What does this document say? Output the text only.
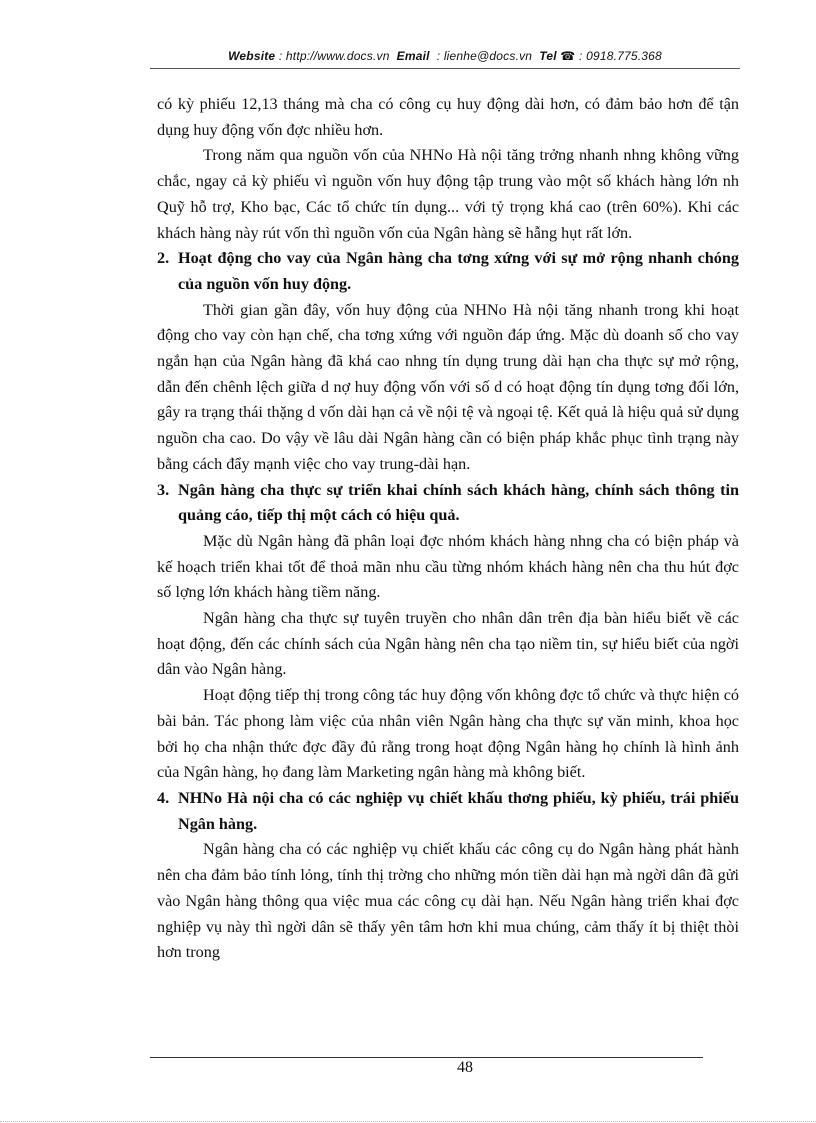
Website : http://www.docs.vn Email : lienhe@docs.vn Tel ☎ : 0918.775.368

có kỳ phiếu 12,13 tháng mà cha có công cụ huy động dài hơn, có đảm bảo hơn để tận dụng huy động vốn đợc nhiều hơn.

Trong năm qua nguồn vốn của NHNo Hà nội tăng trởng nhanh nhng không vững chắc, ngay cả kỳ phiếu vì nguồn vốn huy động tập trung vào một số khách hàng lớn nh Quỹ hỗ trợ, Kho bạc, Các tổ chức tín dụng... với tỷ trọng khá cao (trên 60%). Khi các khách hàng này rút vốn thì nguồn vốn của Ngân hàng sẽ hẫng hụt rất lớn.

2. Hoạt động cho vay của Ngân hàng cha tơng xứng với sự mở rộng nhanh chóng của nguồn vốn huy động.

Thời gian gần đây, vốn huy động của NHNo Hà nội tăng nhanh trong khi hoạt động cho vay còn hạn chế, cha tơng xứng với nguồn đáp ứng. Mặc dù doanh số cho vay ngắn hạn của Ngân hàng đã khá cao nhng tín dụng trung dài hạn cha thực sự mở rộng, dẫn đến chênh lệch giữa d nợ huy động vốn với số d có hoạt động tín dụng tơng đối lớn, gây ra trạng thái thặng d vốn dài hạn cả về nội tệ và ngoại tệ. Kết quả là hiệu quả sử dụng nguồn cha cao. Do vậy về lâu dài Ngân hàng cần có biện pháp khắc phục tình trạng này bằng cách đẩy mạnh việc cho vay trung-dài hạn.

3. Ngân hàng cha thực sự triển khai chính sách khách hàng, chính sách thông tin quảng cáo, tiếp thị một cách có hiệu quả.

Mặc dù Ngân hàng đã phân loại đợc nhóm khách hàng nhng cha có biện pháp và kế hoạch triển khai tốt để thoả mãn nhu cầu từng nhóm khách hàng nên cha thu hút đợc số lợng lớn khách hàng tiềm năng.

Ngân hàng cha thực sự tuyên truyền cho nhân dân trên địa bàn hiểu biết về các hoạt động, đến các chính sách của Ngân hàng nên cha tạo niềm tin, sự hiểu biết của ngời dân vào Ngân hàng.

Hoạt động tiếp thị trong công tác huy động vốn không đợc tổ chức và thực hiện có bài bản. Tác phong làm việc của nhân viên Ngân hàng cha thực sự văn minh, khoa học bởi họ cha nhận thức đợc đầy đủ rằng trong hoạt động Ngân hàng họ chính là hình ảnh của Ngân hàng, họ đang làm Marketing ngân hàng mà không biết.

4. NHNo Hà nội cha có các nghiệp vụ chiết khấu thơng phiếu, kỳ phiếu, trái phiếu Ngân hàng.

Ngân hàng cha có các nghiệp vụ chiết khấu các công cụ do Ngân hàng phát hành nên cha đảm bảo tính lỏng, tính thị trờng cho những món tiền dài hạn mà ngời dân đã gửi vào Ngân hàng thông qua việc mua các công cụ dài hạn. Nếu Ngân hàng triển khai đợc nghiệp vụ này thì ngời dân sẽ thấy yên tâm hơn khi mua chúng, cảm thấy ít bị thiệt thòi hơn trong

48
